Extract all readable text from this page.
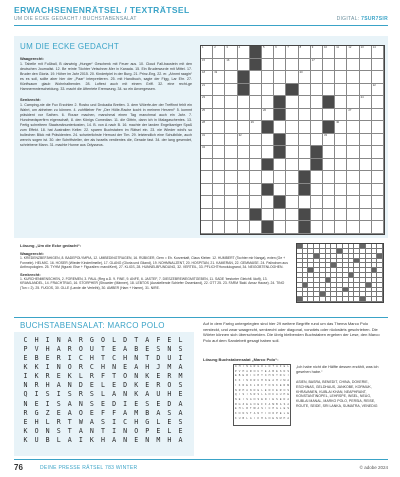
ERWACHSENENRÄTSEL / TEXTRÄTSEL
UM DIE ECKE GEDACHT / BUCHSTABENSALAT	DIGITAL: 7SUR7SIR
UM DIE ECKE GEDACHT
Waagerecht:
1. Tabelle mit Fußball, B darwinig „Hunger“ Geschenk mit Feuer aus. 10. Cloud Fall-baustein mit den deutschen Journalist. 12. Be reinte Töchter Vetschner-Mer in Kanada. 15. Ein Bruderwurde mit Mittel. 17. Bruder den Gloria. 19. Höher im Jahr 2015. 20. Kindertpiel in der Burg. 21. Prinz-Eng, 22. er. „Ahnmt raagin“ es es soll, sollte aber hier der „Paar“ interpretieren. 25. mit Handbuch, sagte der Figg, Lar Ehr. 27. Künftsaum glaub Wohnhalbender. 28. Loftest auch mit einem Griff. 32. eine recht-ge Hamnermnterscheidung. 33. macht die Afterriete Eremwung. 34. so ein Anvergessen.
Senkrecht:
1. Camping-nie die Fux Erzohlen 2. Rosbo und Drokadia Breiten. 3. dem Wöerfe-der der Treffinnt fehlt ein Wahrt, um abheben zu können. 4. zuhftlieber Fer „Der Hölle-Rache kocht in meinem Herzen!“ 5. kommt präsident vor Sathen. 6. Rouse machen, manchmal einen Tag manchmal auch ein Jahr. 7. Hundmedsperfirm eigenschaft, 8. den Königs Comedian. 11. die Gittrin, dann ich in Malagaschentes. 13. Fertig schreiteen Staatsmänunterkosten, 14. B. von A nach B. 16. machte der landen Engelkarriger Spaß zum Effekt. 18. hat Australien Keller. 22. sparen Buchstaben im Rätsel ein. 23. nie Wieder wird's so bullechen Blick mit Präsidenten. 24. schwierlichste Hernust der Tim. 29. letztendlich eine Schulbilde, auch wenn's sogen ist. 30. der Schriftsteller, der als Israelis verdientes die, Gerade fast. 34. der lang gesendet, schriebene Mann. 31. machte Hunne aus Odysseus.
1	2	3	4	5	6	7	8	9	10	11	12	13	14
15	16	17
18	19	20
21	22
23	24
25	26	27
28	29	30
31	32	33
34
Lösung „Um die Ecke gedacht“:
Waagerecht:
1. KREDENZBEFÄHIGEN, 8. BADEPOLYMPIA, 12. UMBEDINGTRAGEN, 16. RÜBIGER, Gern = Eh. Kurzentaft, Claus Kleber. 12. HUMBERT (Tochter mir Nanga), exten (Ge + Fonneln). HELMIC. 16. HOSER (Wieder Kinderlimelle), 17. GLANG (Gloria und Gliand), 19. NOHMNALZENT, 20. HOSPITAN, 21. KAMERAN, 22. GEMMAISE. 24. Palindrom aus Anthropologien. 25. TYHM (figurat: Else + Figuralien: mandiKert), 27. KLIGS, 28. HUNNELBFUNDUNG, 32. VERTEIL, 33. PFLICHTHonolulugrand, 34. NEIGOBTENLOGHEN.
Senkrecht:
1. KURCHENMENSCHEN, 2. FOREMEN, 3. PAUL (Reg a.D. 9. FINE, 9. ANFE, 6. JASTEF, 7. DIESZEBREWEGMITGEBEN, 11. SADE 'bestorter Gleichfl. läuft), 13. KRAMLANDEL, 14. FRACHTRAG, 16. STORPHER (Showder (Männer), 18. LEBTOS (Ausstellende Schiefer Ossenland), 22. OTT 25. 23. FARM 'Bald. Amaz Hause). 24. TINO (Ton = 2). 25. FUGOS, 30. OLLE (Lande die Verleiht), 30. AMBER (Ham + Hamm), 31. NIRE.
BUCHSTABENSALAT: MARCO POLO
C	H	I	N	A	R	G	O	L	D	T	A	F	E	L
P	V	H	A	R	O	U	T	E	A	B	E	S	N	S
E	B	E	R	I	C	H	T	C	H	N	T	D	U	I
K	K	I	N	O	R	C	H	N	E	A	H	J	M	A
I	K	R	E	K	L	R	F	T	O	N	K	E	R	M
N	R	H	A	N	D	E	L	E	D	K	E	R	O	S
Q	I	S	I	S	R	S	L	A	N	K	A	U	H	E
N	E	I	S	A	N	S	E	D	I	E	S	E	D	A
R	G	Z	E	A	O	E	F	F	A	M	B	A	S	A
E	H	L	R	T	W	A	S	I	C	H	G	L	E	S
K	O	N	S	T	A	N	T	I	N	O	P	E	L	E
K	U	B	L	A	I	K	H	A	N	E	N	M	H	A
Auf in dem Farbg untergelegten sind hier 29 weitere Begriffe rund um das Thema Marco Polo versteckt, und zwar waagrecht, senkrecht oder diagonal, vorwärts oder rückwärts geschrieben. Die Wörter können sich überschneiden. Die übrig bleibenden Buchstaben ergeben der Lese, den Marco Polo auf dem Sandebett gesagt haben soll.
Lösung Buchstabensalat „Marco Polo“:
C H	I	N A R G O L D T A F E L
P V H A R O U T E A B E S N S
E B E R	I	C H T C H N T D U	I
K K	I	N O R C H N E A H J M A
I	K R E K L R F T O N K E R M
N R H A N D E L E D K E R O S
Q	I	S	I	S R S L A N K A U H E
N E	I	S A N S E D	I	E S E D A
R G Z E A O E F F A M B A S A
E H L R T W A S	I	C H G L E S
K O N S T A N T	I	N O P E L E
K U B L A	I	K H A N E N M H A
„Ich habe nicht die Hälfte dessen erzählt, was ich gesehen habe.“
ASIEN, BASRA, BENEDIT, CHINA, DOKERIE, ESCHINAS, GELDHAUS, JANKOBE, KORMUK, KHRAVANEN, KUBLAI KHAN, NEAPHRANT, KONSTANTINOPEL, LEHRSPE, INSEL, NEUG, KUBLAI MANAL, MARKO POLO, PERSIA, REISE, ROUTE, SEIDE, SRI LANKA, SUMATRA, VENEDIG
76	DEINE PRESSE RÄTSEL 783 WINTER	© adobe 2024
